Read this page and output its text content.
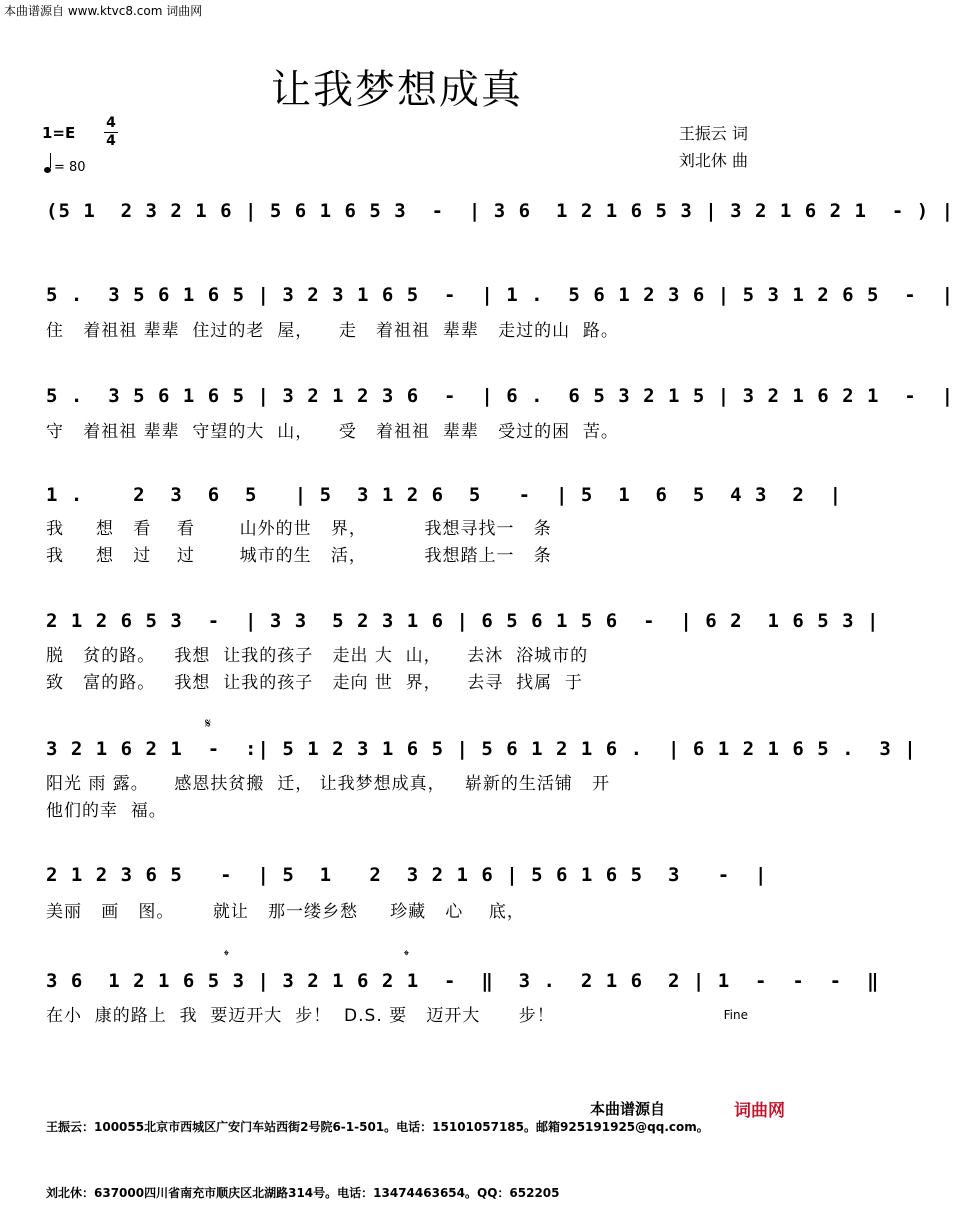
本曲谱源自 www.ktvc8.com 词曲网
让我梦想成真
1=E
4
4
= 80
王振云 词
刘北休 曲
(5 1  2 3 2 1 6 | 5 6 1 6 5 3  -  | 3 6  1 2 1 6 5 3 | 3 2 1 6 2 1  - ) |
5 .  3 5 6 1 6 5 | 3 2 3 1 6 5  -  | 1 .  5 6 1 2 3 6 | 5 3 1 2 6 5  -  |
住   着祖祖 辈辈  住过的老  屋，    走   着祖祖  辈辈   走过的山  路。
5 .  3 5 6 1 6 5 | 3 2 1 2 3 6  -  | 6 .  6 5 3 2 1 5 | 3 2 1 6 2 1  -  |
守   着祖祖 辈辈  守望的大  山，    受   着祖祖  辈辈   受过的困  苦。
1 .    2  3  6  5   | 5  3 1 2 6  5   -  | 5  1  6  5  4 3  2  |
我     想   看    看       山外的世   界，         我想寻找一   条
我     想   过    过       城市的生   活，         我想踏上一   条
2 1 2 6 5 3  -  | 3 3  5 2 3 1 6 | 6 5 6 1 5 6  -  | 6 2  1 6 5 3 |
脱   贫的路。   我想  让我的孩子   走出 大  山，    去沐  浴城市的
致   富的路。   我想  让我的孩子   走向 世  界，    去寻  找属  于
𝄋
3 2 1 6 2 1  -  :| 5 1 2 3 1 6 5 | 5 6 1 2 1 6 .  | 6 1 2 1 6 5 .  3 |
阳光 雨 露。    感恩扶贫搬  迁， 让我梦想成真，   崭新的生活铺   开
他们的幸  福。
2 1 2 3 6 5   -  | 5  1   2  3 2 1 6 | 5 6 1 6 5  3   -  |
美丽   画   图。      就让   那一缕乡愁     珍藏   心    底，
𝄌	𝄌
3 6  1 2 1 6 5 3 | 3 2 1 6 2 1  -  ‖  3 .  2 1 6  2 | 1  -  -  -  ‖
在小  康的路上  我  要迈开大  步！  D.S. 要   迈开大      步！	Fine

王振云：100055北京市西城区广安门车站西街2号院6-1-501。电话：15101057185。邮箱925191925@qq.com。

刘北休：637000四川省南充市顺庆区北湖路314号。电话：13474463654。QQ：652205

本曲谱源自	词曲网
